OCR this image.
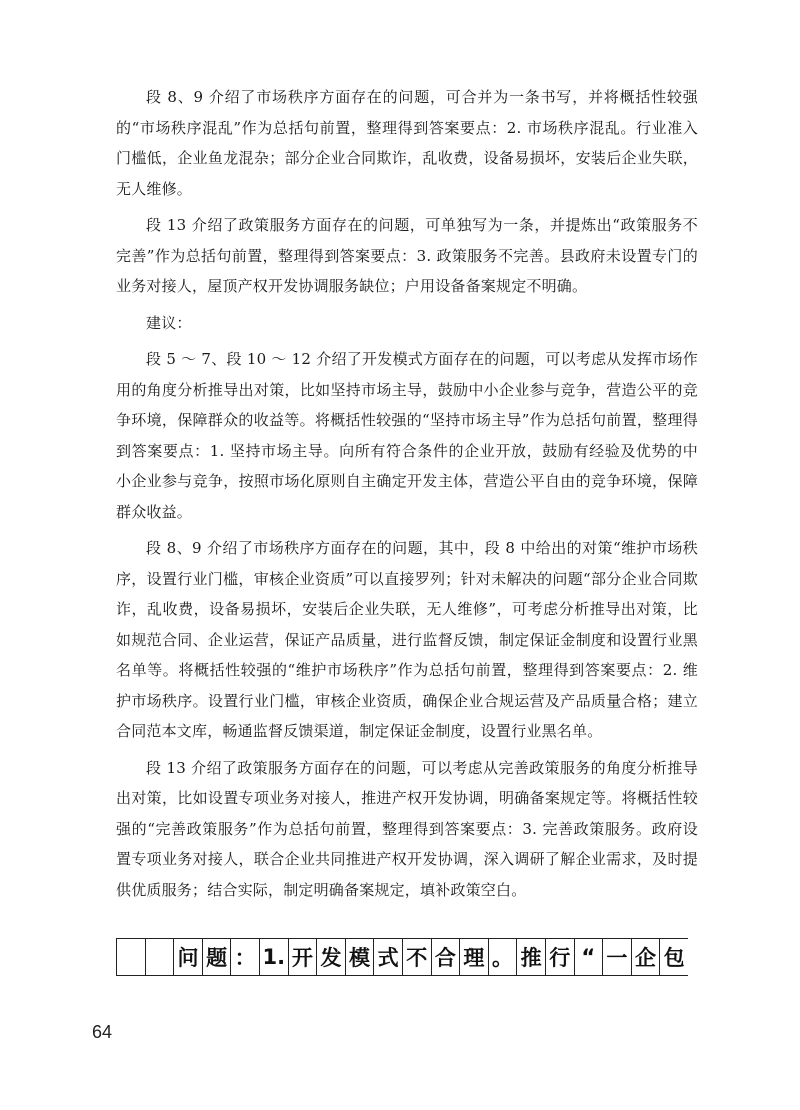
段 8、9 介绍了市场秩序方面存在的问题，可合并为一条书写，并将概括性较强的“市场秩序混乱”作为总括句前置，整理得到答案要点：2. 市场秩序混乱。行业准入门槛低，企业鱼龙混杂；部分企业合同欺诈，乱收费，设备易损坏，安装后企业失联，无人维修。

段 13 介绍了政策服务方面存在的问题，可单独写为一条，并提炼出“政策服务不完善”作为总括句前置，整理得到答案要点：3. 政策服务不完善。县政府未设置专门的业务对接人，屋顶产权开发协调服务缺位；户用设备备案规定不明确。

建议：

段 5 ～ 7、段 10 ～ 12 介绍了开发模式方面存在的问题，可以考虑从发挥市场作用的角度分析推导出对策，比如坚持市场主导，鼓励中小企业参与竞争，营造公平的竞争环境，保障群众的收益等。将概括性较强的“坚持市场主导”作为总括句前置，整理得到答案要点：1. 坚持市场主导。向所有符合条件的企业开放，鼓励有经验及优势的中小企业参与竞争，按照市场化原则自主确定开发主体，营造公平自由的竞争环境，保障群众收益。

段 8、9 介绍了市场秩序方面存在的问题，其中，段 8 中给出的对策“维护市场秩序，设置行业门槛，审核企业资质”可以直接罗列；针对未解决的问题“部分企业合同欺诈，乱收费，设备易损坏，安装后企业失联，无人维修”，可考虑分析推导出对策，比如规范合同、企业运营，保证产品质量，进行监督反馈，制定保证金制度和设置行业黑名单等。将概括性较强的“维护市场秩序”作为总括句前置，整理得到答案要点：2. 维护市场秩序。设置行业门槛，审核企业资质，确保企业合规运营及产品质量合格；建立合同范本文库，畅通监督反馈渠道，制定保证金制度，设置行业黑名单。

段 13 介绍了政策服务方面存在的问题，可以考虑从完善政策服务的角度分析推导出对策，比如设置专项业务对接人，推进产权开发协调，明确备案规定等。将概括性较强的“完善政策服务”作为总括句前置，整理得到答案要点：3. 完善政策服务。政府设置专项业务对接人，联合企业共同推进产权开发协调，深入调研了解企业需求，及时提供优质服务；结合实际，制定明确备案规定，填补政策空白。

问 题 ： 1. 开 发 模 式 不 合 理 。 推 行 “ 一 企 包
64
